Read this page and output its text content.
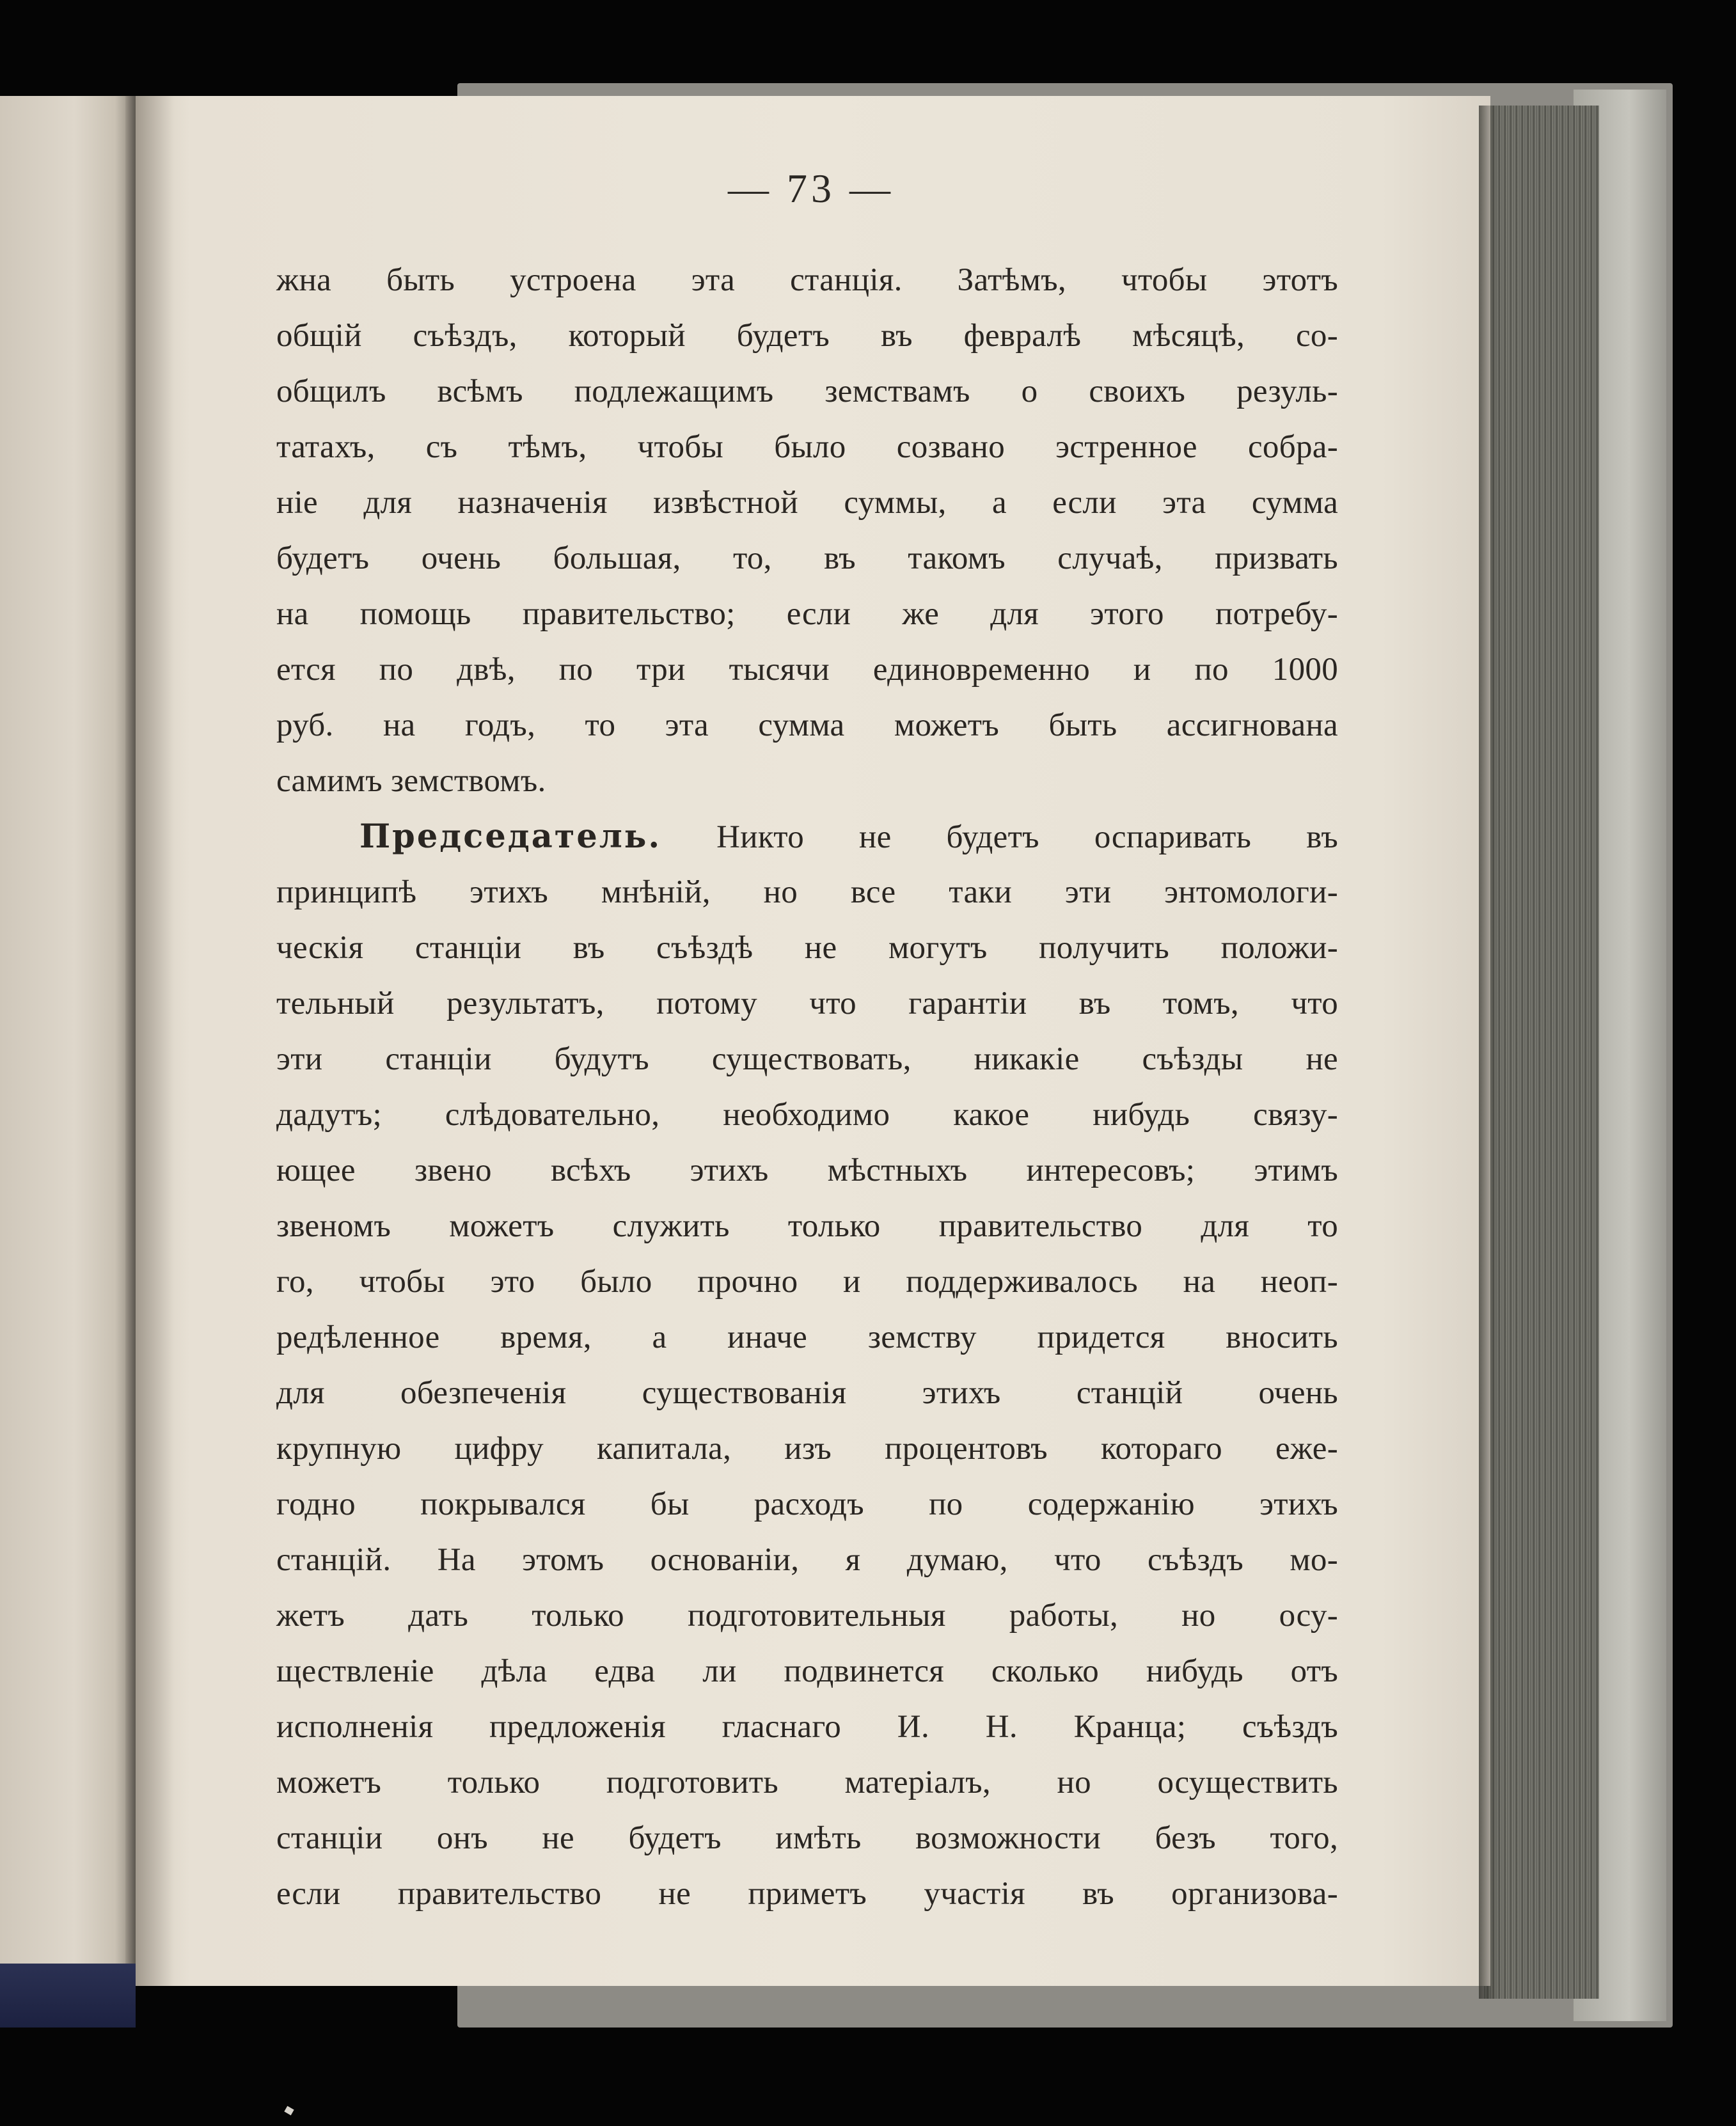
— 73 —
жна быть устроена эта станція. Затѣмъ, чтобы этотъ
общій съѣздъ, который будетъ въ февралѣ мѣсяцѣ, со-
общилъ всѣмъ подлежащимъ земствамъ о своихъ резуль-
татахъ, съ тѣмъ, чтобы было созвано эстренное собра-
ніе для назначенія извѣстной суммы, а если эта сумма
будетъ очень большая, то, въ такомъ случаѣ, призвать
на помощь правительство; если же для этого потребу-
ется по двѣ, по три тысячи единовременно и по 1000
руб. на годъ, то эта сумма можетъ быть ассигнована
самимъ земствомъ.
Председатель. Никто не будетъ оспаривать въ
принципѣ этихъ мнѣній, но все таки эти энтомологи-
ческія станціи въ съѣздѣ не могутъ получить положи-
тельный результатъ, потому что гарантіи въ томъ, что
эти станціи будутъ существовать, никакіе съѣзды не
дадутъ; слѣдовательно, необходимо какое нибудь связу-
ющее звено всѣхъ этихъ мѣстныхъ интересовъ; этимъ
звеномъ можетъ служить только правительство для то
го, чтобы это было прочно и поддерживалось на неоп-
редѣленное время, а иначе земству придется вносить
для обезпеченія существованія этихъ станцій очень
крупную цифру капитала, изъ процентовъ котораго еже-
годно покрывался бы расходъ по содержанію этихъ
станцій. На этомъ основаніи, я думаю, что съѣздъ мо-
жетъ дать только подготовительныя работы, но осу-
ществленіе дѣла едва ли подвинется сколько нибудь отъ
исполненія предложенія гласнаго И. Н. Кранца; съѣздъ
можетъ только подготовить матеріалъ, но осуществить
станціи онъ не будетъ имѣть возможности безъ того,
если правительство не приметъ участія въ организова-
